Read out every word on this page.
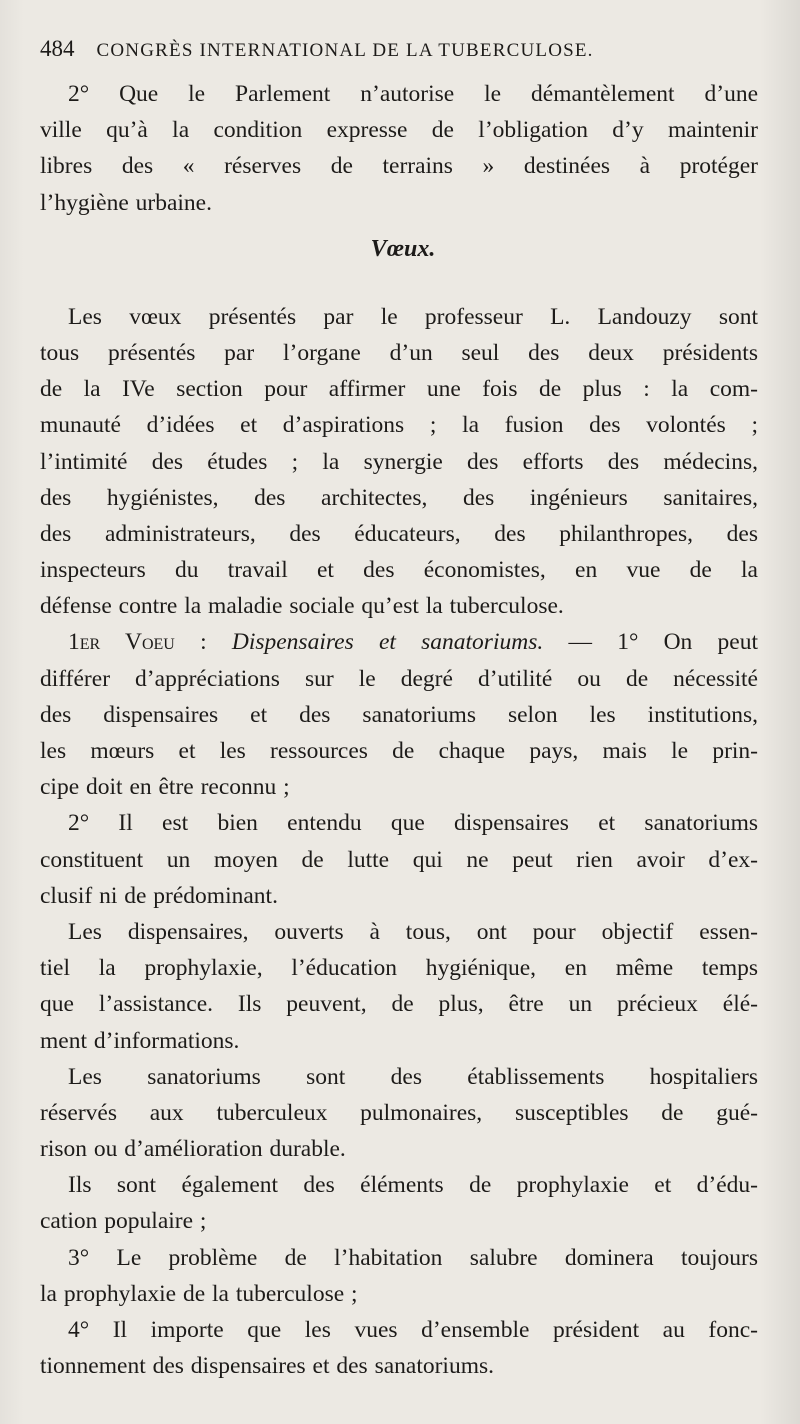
484 CONGRÈS INTERNATIONAL DE LA TUBERCULOSE.
2° Que le Parlement n’autorise le démantèlement d’une
ville qu’à la condition expresse de l’obligation d’y maintenir
libres des « réserves de terrains » destinées à protéger
l’hygiène urbaine.
Vœux.
Les vœux présentés par le professeur L. Landouzy sont
tous présentés par l’organe d’un seul des deux présidents
de la IVe section pour affirmer une fois de plus : la com-
munauté d’idées et d’aspirations ; la fusion des volontés ;
l’intimité des études ; la synergie des efforts des médecins,
des hygiénistes, des architectes, des ingénieurs sanitaires,
des administrateurs, des éducateurs, des philanthropes, des
inspecteurs du travail et des économistes, en vue de la
défense contre la maladie sociale qu’est la tuberculose.
1er Voeu : Dispensaires et sanatoriums. — 1° On peut
différer d’appréciations sur le degré d’utilité ou de nécessité
des dispensaires et des sanatoriums selon les institutions,
les mœurs et les ressources de chaque pays, mais le prin-
cipe doit en être reconnu ;
2° Il est bien entendu que dispensaires et sanatoriums
constituent un moyen de lutte qui ne peut rien avoir d’ex-
clusif ni de prédominant.
Les dispensaires, ouverts à tous, ont pour objectif essen-
tiel la prophylaxie, l’éducation hygiénique, en même temps
que l’assistance. Ils peuvent, de plus, être un précieux élé-
ment d’informations.
Les sanatoriums sont des établissements hospitaliers
réservés aux tuberculeux pulmonaires, susceptibles de gué-
rison ou d’amélioration durable.
Ils sont également des éléments de prophylaxie et d’édu-
cation populaire ;
3° Le problème de l’habitation salubre dominera toujours
la prophylaxie de la tuberculose ;
4° Il importe que les vues d’ensemble président au fonc-
tionnement des dispensaires et des sanatoriums.
